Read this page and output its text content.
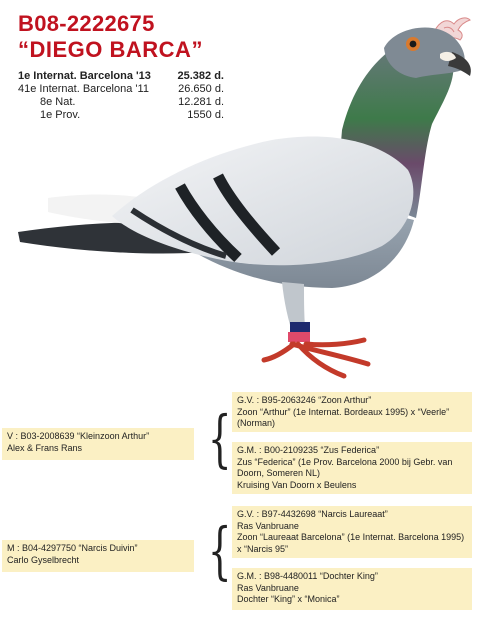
B08-2222675
“DIEGO BARCA”
1e Internat. Barcelona '13	25.382 d.
41e Internat. Barcelona '11	26.650 d.
8e Nat.	12.281 d.
1e Prov.	1550 d.
V : B03-2008639 “Kleinzoon Arthur”
Alex & Frans Rans	{
G.V. : B95-2063246 “Zoon Arthur”
Zoon “Arthur” (1e Internat. Bordeaux 1995) x “Veerle”
(Norman)
G.M. : B00-2109235 “Zus Federica”
Zus “Federica” (1e Prov. Barcelona 2000 bij Gebr. van
Doorn, Someren NL)
Kruising Van Doorn x Beulens
M : B04-4297750 “Narcis Duivin”
Carlo Gyselbrecht	{ G.V. : B97-4432698 “Narcis Laureaat”
Ras Vanbruane
Zoon “Laureaat Barcelona” (1e Internat. Barcelona 1995)
x “Narcis 95”
G.M. : B98-4480011 “Dochter King”
Ras Vanbruane
Dochter “King” x “Monica”
